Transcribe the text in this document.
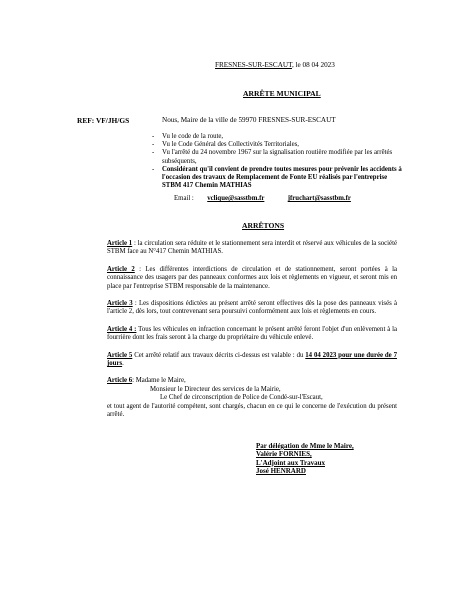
FRESNES-SUR-ESCAUT, le 08 04 2023
ARRÊTE MUNICIPAL
REF: VF/JH/GS	Nous, Maire de la ville de 59970 FRESNES-SUR-ESCAUT
-	Vu le code de la route,
-	Vu le Code Général des Collectivités Territoriales,
-	Vu l'arrêté du 24 novembre 1967 sur la signalisation routière modifiée par les arrêtés subséquents,
-	Considérant qu'il convient de prendre toutes mesures pour prévenir les accidents à l'occasion des travaux de Remplacement de Fonte EU réalisés par l'entreprise STBM 417 Chemin MATHIAS
Email : vclique@sasstbm.fr	jfruchart@sasstbm.fr
ARRÊTONS
Article 1 : la circulation sera réduite et le stationnement sera interdit et réservé aux véhicules de la société STBM face au N°417 Chemin MATHIAS.
Article 2 : Les différentes interdictions de circulation et de stationnement, seront portées à la connaissance des usagers par des panneaux conformes aux lois et règlements en vigueur, et seront mis en place par l'entreprise STBM responsable de la maintenance.
Article 3 : Les dispositions édictées au présent arrêté seront effectives dès la pose des panneaux visés à l'article 2, dès lors, tout contrevenant sera poursuivi conformément aux lois et règlements en cours.
Article 4 : Tous les véhicules en infraction concernant le présent arrêté feront l'objet d'un enlèvement à la fourrière dont les frais seront à la charge du propriétaire du véhicule enlevé.
Article 5 Cet arrêté relatif aux travaux décrits ci-dessus est valable : du 14 04 2023 pour une durée de 7 jours.
Article 6: Madame le Maire,
Monsieur le Directeur des services de la Mairie,
Le Chef de circonscription de Police de Condé-sur-l'Escaut,
et tout agent de l'autorité compétent, sont chargés, chacun en ce qui le concerne de l'exécution du présent arrêté.
Par délégation de Mme le Maire,
Valérie FORNIES,
L'Adjoint aux Travaux
José HENRARD
